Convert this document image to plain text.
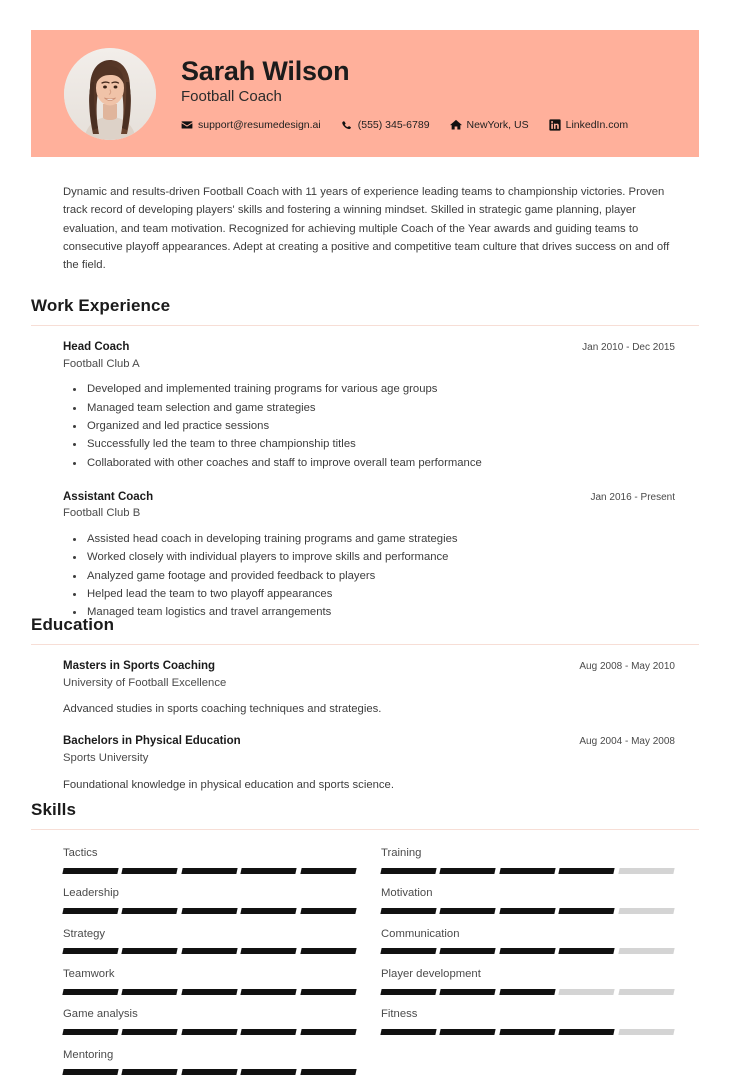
Sarah Wilson
Football Coach
support@resumedesign.ai	(555) 345-6789	NewYork, US	LinkedIn.com
Dynamic and results-driven Football Coach with 11 years of experience leading teams to championship victories. Proven track record of developing players' skills and fostering a winning mindset. Skilled in strategic game planning, player evaluation, and team motivation. Recognized for achieving multiple Coach of the Year awards and guiding teams to consecutive playoff appearances. Adept at creating a positive and competitive team culture that drives success on and off the field.
Work Experience
Head Coach	Jan 2010 - Dec 2015
Football Club A
• Developed and implemented training programs for various age groups
• Managed team selection and game strategies
• Organized and led practice sessions
• Successfully led the team to three championship titles
• Collaborated with other coaches and staff to improve overall team performance
Assistant Coach	Jan 2016 - Present
Football Club B
• Assisted head coach in developing training programs and game strategies
• Worked closely with individual players to improve skills and performance
• Analyzed game footage and provided feedback to players
• Helped lead the team to two playoff appearances
• Managed team logistics and travel arrangements
Education
Masters in Sports Coaching	Aug 2008 - May 2010
University of Football Excellence
Advanced studies in sports coaching techniques and strategies.
Bachelors in Physical Education	Aug 2004 - May 2008
Sports University
Foundational knowledge in physical education and sports science.
Skills
Tactics	Training
Leadership	Motivation
Strategy	Communication
Teamwork	Player development
Game analysis	Fitness
Mentoring
